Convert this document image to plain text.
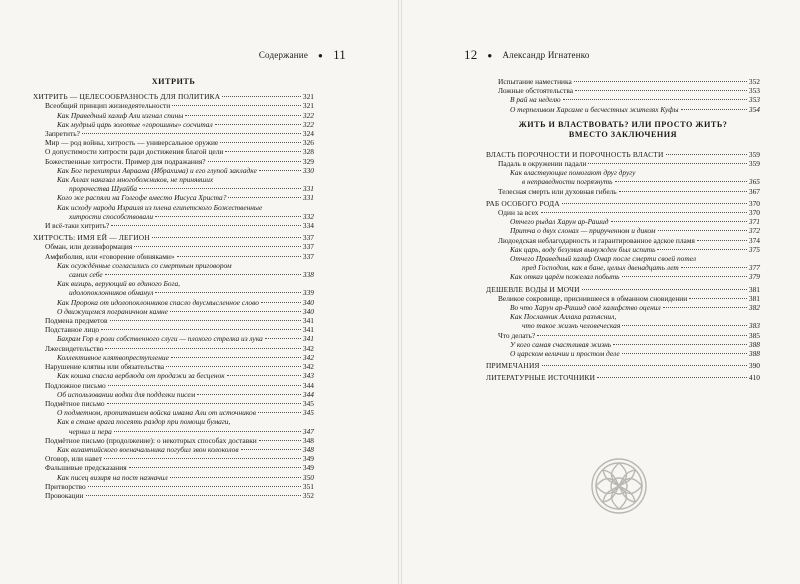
Содержание ● 11
ХИТРИТЬ
ХИТРИТЬ — ЦЕЛЕСООБРАЗНОСТЬ ДЛЯ ПОЛИТИКА	321
Всеобщий принцип жизнедеятельности	321
Как Праведный халиф Али изгнал спины	322
Как мудрый царь золотые «горошины» сосчитал	322
Запретить?	324
Мир — род войны, хитрость — универсальное оружие	326
О допустимости хитрости ради достижения благой цели	328
Божественные хитрости. Пример для подражания?	329
Как Бог перехитрил Авраама (Ибрахима) и его глупой закладке	330
Как Аллах наказал многобожников, не принявших
пророчества Шуайба	331
Кого же распяли на Голгофе вместо Иисуса Христа?	331
Как исходу народа Израиля из плена египетского Божественные
хитрости способствовали	332
И всё-таки хитрить?	334
ХИТРОСТЬ: ИМЯ ЕЙ — ЛЕГИОН	337
Обман, или дезинформация	337
Амфиболия, или «говорение обиняками»	337
Как осуждённые согласились со смертным приговором
самих себе	338
Как визирь, верующий во единого Бога,
идолопоклонников обманул	339
Как Пророка от идолопоклонников спасло двусмысленное слово	340
О движущемся пограничном камне	340
Подмена предметов	341
Подставное лицо	341
Бахрам Гор в роли собственного слуги — плохого стрелка из лука	341
Лжесвидетельство	342
Коллективное клятвопреступление	342
Нарушение клятвы или обязательства	342
Как кошка спасла верблюда от продажи за бесценок	343
Подложное письмо	344
Об использовании водки для подделки писем	344
Подмётное письмо	345
О подметном, пропитавшем войска имама Али от источников	345
Как в стане врага посеять раздор при помощи бумаги,
чернил и пера	347
Подмётное письмо (продолжение): о некоторых способах доставки	348
Как византийского военачальника погубил звон колоколов	348
Оговор, или навет	349
Фальшивые предсказания	349
Как писец визиря на пост назначил	350
Притворство	351
Провокации	352
12 ● Александр Игнатенко
Испытание наместника	352
Ложные обстоятельства	353
В рай на неделю	353
О терпеливом Харсаме и бесчестных жителях Куфы	354
ЖИТЬ И ВЛАСТВОВАТЬ? ИЛИ ПРОСТО ЖИТЬ?
ВМЕСТО ЗАКЛЮЧЕНИЯ
ВЛАСТЬ ПОРОЧНОСТИ И ПОРОЧНОСТЬ ВЛАСТИ	359
Падаль в окружении падали	359
Как властвующие помогают друг другу
в неправедности погрязнуть	365
Телесная смерть или духовная гибель	367
РАБ ОСОБОГО РОДА	370
Один за всех	370
Отчего рыдал Харун ар-Рашид	371
Притча о двух слонах — прирученном и диком	372
Людоедская неблагодарность и гарантированное адское пламя	374
Как царь, воду безумия вынужден был испить	375
Отчего Праведный халиф Омар после смерти своей потел
пред Господом, как в бане, целых двенадцать лет	377
Как отказ царём пожелал побыть	379
ДЕШЕВЛЕ ВОДЫ И МОЧИ	381
Великое сокровище, приснившееся в обманном сновидении	381
Во что Харун ар-Рашид своё халифство оценил	382
Как Посланник Аллаха разъяснил,
что такое жизнь человеческая	383
Что делать?	385
У кого самая счастливая жизнь	388
О царском величии и простом деле	388
ПРИМЕЧАНИЯ	390
ЛИТЕРАТУРНЫЕ ИСТОЧНИКИ	410
